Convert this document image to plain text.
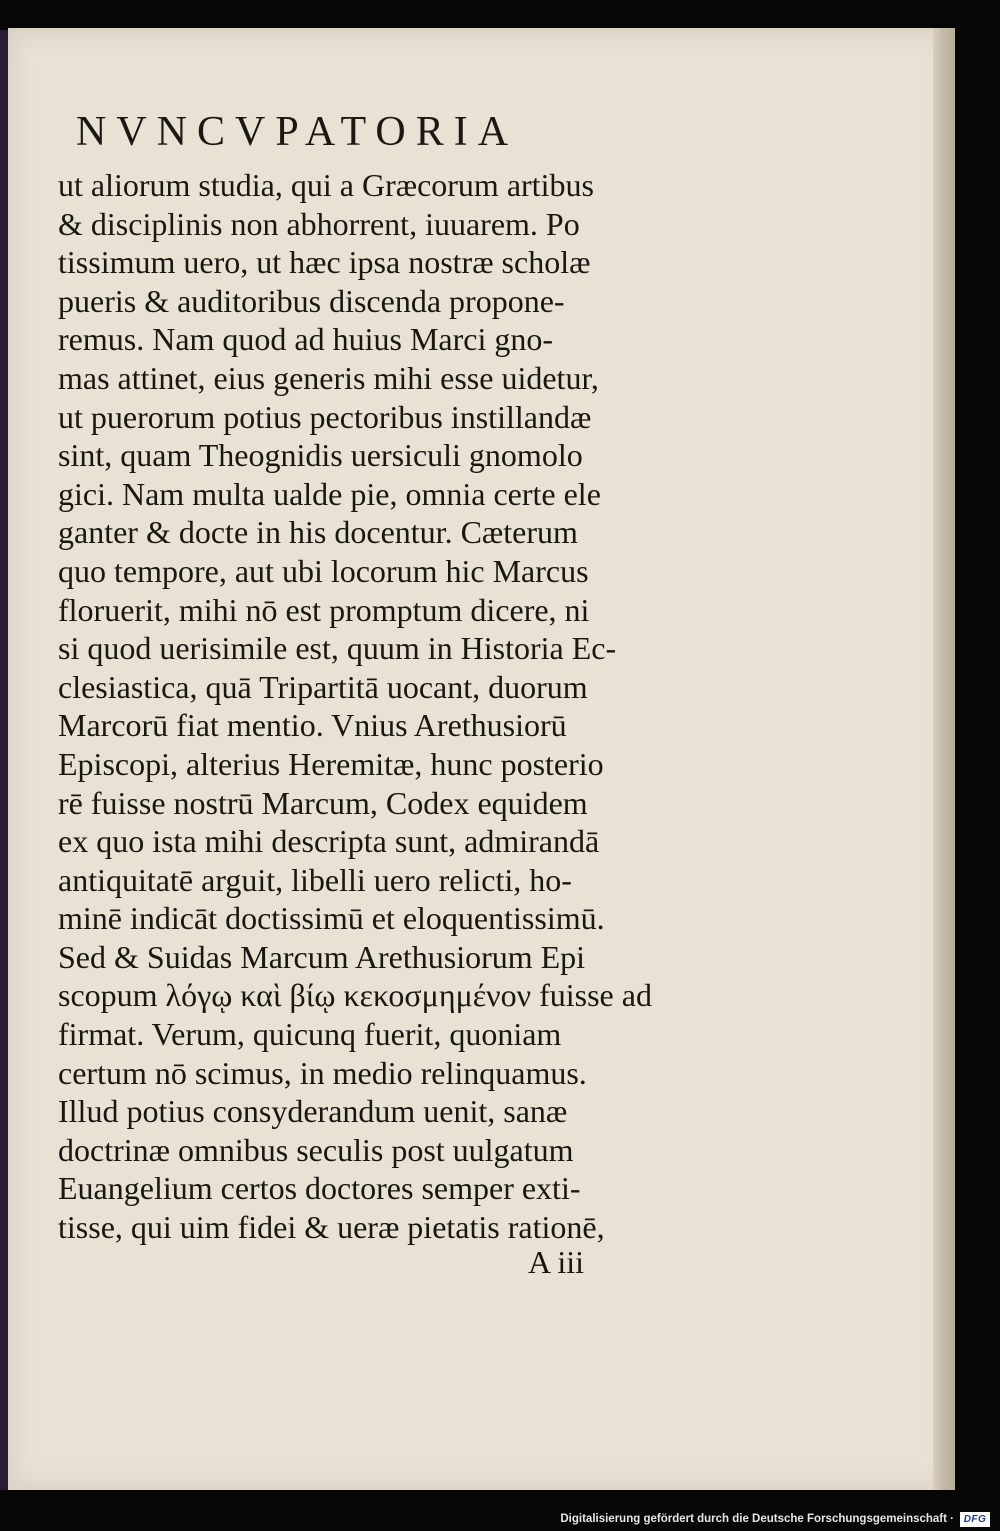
NVNCVPATORIA
ut aliorum studia, qui a Græcorum artibus
& disciplinis non abhorrent, iuuarem. Po
tissimum uero, ut hæc ipsa nostræ scholæ
pueris & auditoribus discenda propone-
remus. Nam quod ad huius Marci gno-
mas attinet, eius generis mihi esse uidetur,
ut puerorum potius pectoribus instillandæ
sint, quam Theognidis uersiculi gnomolo
gici. Nam multa ualde pie, omnia certe ele
ganter & docte in his docentur. Cæterum
quo tempore, aut ubi locorum hic Marcus
floruerit, mihi nō est promptum dicere, ni
si quod uerisimile est, quum in Historia Ec-
clesiastica, quā Tripartitā uocant, duorum
Marcorū fiat mentio. Vnius Arethusiorū
Episcopi, alterius Heremitæ, hunc posterio
rē fuisse nostrū Marcum, Codex equidem
ex quo ista mihi descripta sunt, admirandā
antiquitatē arguit, libelli uero relicti, ho-
minē indicāt doctissimū et eloquentissimū.
Sed & Suidas Marcum Arethusiorum Epi
scopum λόγῳ καὶ βίῳ κεκοσμημένον fuisse ad
firmat. Verum, quicunq fuerit, quoniam
certum nō scimus, in medio relinquamus.
Illud potius consyderandum uenit, sanæ
doctrinæ omnibus seculis post uulgatum
Euangelium certos doctores semper exti-
tisse, qui uim fidei & ueræ pietatis rationē,
A iii
Digitalisierung gefördert durch die Deutsche Forschungsgemeinschaft · DFG
